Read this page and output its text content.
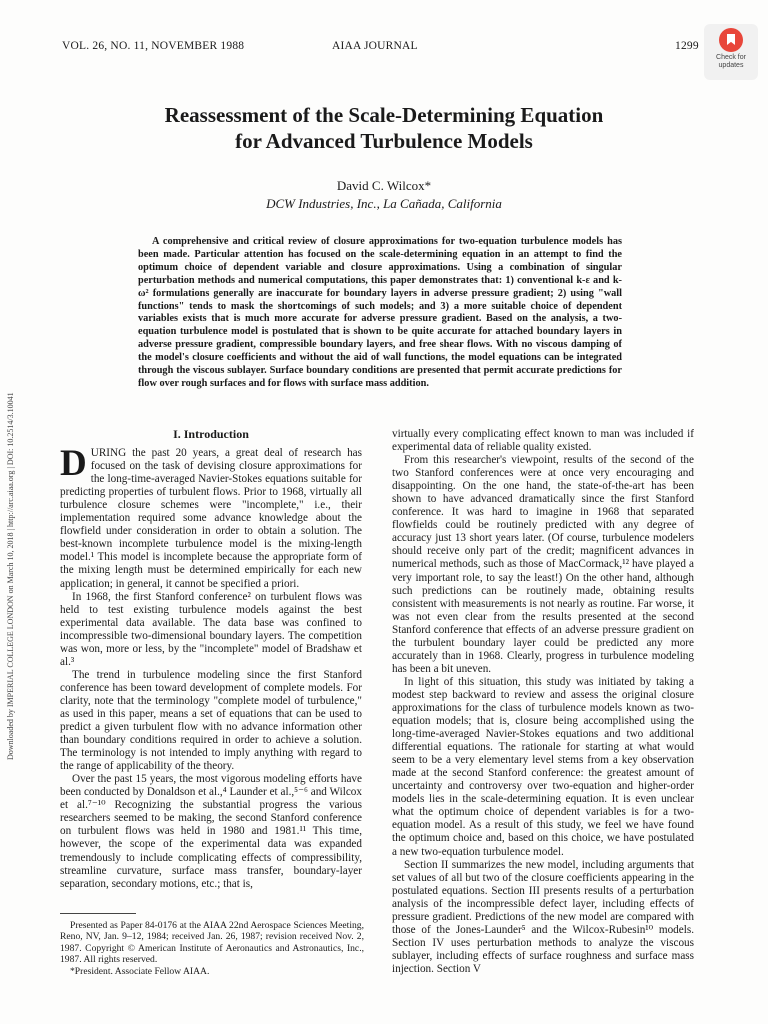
VOL. 26, NO. 11, NOVEMBER 1988	AIAA JOURNAL	1299
Check for
updates
Reassessment of the Scale-Determining Equation
for Advanced Turbulence Models
David C. Wilcox*
DCW Industries, Inc., La Cañada, California

A comprehensive and critical review of closure approximations for two-equation turbulence models has been made. Particular attention has focused on the scale-determining equation in an attempt to find the optimum choice of dependent variable and closure approximations. Using a combination of singular perturbation methods and numerical computations, this paper demonstrates that: 1) conventional k-ε and k-ω² formulations generally are inaccurate for boundary layers in adverse pressure gradient; 2) using "wall functions" tends to mask the shortcomings of such models; and 3) a more suitable choice of dependent variables exists that is much more accurate for adverse pressure gradient. Based on the analysis, a two-equation turbulence model is postulated that is shown to be quite accurate for attached boundary layers in adverse pressure gradient, compressible boundary layers, and free shear flows. With no viscous damping of the model's closure coefficients and without the aid of wall functions, the model equations can be integrated through the viscous sublayer. Surface boundary conditions are presented that permit accurate predictions for flow over rough surfaces and for flows with surface mass addition.

Downloaded by IMPERIAL COLLEGE LONDON on March 10, 2018 | http://arc.aiaa.org | DOI: 10.2514/3.10041	I. Introduction

DURING the past 20 years, a great deal of research has focused on the task of devising closure approximations for the long-time-averaged Navier-Stokes equations suitable for predicting properties of turbulent flows. Prior to 1968, virtually all turbulence closure schemes were "incomplete," i.e., their implementation required some advance knowledge about the flowfield under consideration in order to obtain a solution. The best-known incomplete turbulence model is the mixing-length model.¹ This model is incomplete because the appropriate form of the mixing length must be determined empirically for each new application; in general, it cannot be specified a priori.

In 1968, the first Stanford conference² on turbulent flows was held to test existing turbulence models against the best experimental data available. The data base was confined to incompressible two-dimensional boundary layers. The competition was won, more or less, by the "incomplete" model of Bradshaw et al.³

The trend in turbulence modeling since the first Stanford conference has been toward development of complete models. For clarity, note that the terminology "complete model of turbulence," as used in this paper, means a set of equations that can be used to predict a given turbulent flow with no advance information other than boundary conditions required in order to achieve a solution. The terminology is not intended to imply anything with regard to the range of applicability of the theory.

Over the past 15 years, the most vigorous modeling efforts have been conducted by Donaldson et al.,⁴ Launder et al.,⁵⁻⁶ and Wilcox et al.⁷⁻¹⁰ Recognizing the substantial progress the various researchers seemed to be making, the second Stanford conference on turbulent flows was held in 1980 and 1981.¹¹ This time, however, the scope of the experimental data was expanded tremendously to include complicating effects of compressibility, streamline curvature, surface mass transfer, boundary-layer separation, secondary motions, etc.; that is,

virtually every complicating effect known to man was included if experimental data of reliable quality existed.

From this researcher's viewpoint, results of the second of the two Stanford conferences were at once very encouraging and disappointing. On the one hand, the state-of-the-art has been shown to have advanced dramatically since the first Stanford conference. It was hard to imagine in 1968 that separated flowfields could be routinely predicted with any degree of accuracy just 13 short years later. (Of course, turbulence modelers should receive only part of the credit; magnificent advances in numerical methods, such as those of MacCormack,¹² have played a very important role, to say the least!) On the other hand, although such predictions can be routinely made, obtaining results consistent with measurements is not nearly as routine. Far worse, it was not even clear from the results presented at the second Stanford conference that effects of an adverse pressure gradient on the turbulent boundary layer could be predicted any more accurately than in 1968. Clearly, progress in turbulence modeling has been a bit uneven.

In light of this situation, this study was initiated by taking a modest step backward to review and assess the original closure approximations for the class of turbulence models known as two-equation models; that is, closure being accomplished using the long-time-averaged Navier-Stokes equations and two additional differential equations. The rationale for starting at what would seem to be a very elementary level stems from a key observation made at the second Stanford conference: the greatest amount of uncertainty and controversy over two-equation and higher-order models lies in the scale-determining equation. It is even unclear what the optimum choice of dependent variables is for a two-equation model. As a result of this study, we feel we have found the optimum choice and, based on this choice, we have postulated a new two-equation turbulence model.

Section II summarizes the new model, including arguments that set values of all but two of the closure coefficients appearing in the postulated equations. Section III presents results of a perturbation analysis of the incompressible defect layer, including effects of pressure gradient. Predictions of the new model are compared with those of the Jones-Launder⁵ and the Wilcox-Rubesin¹⁰ models. Section IV uses perturbation methods to analyze the viscous sublayer, including effects of surface roughness and surface mass injection. Section V

Presented as Paper 84-0176 at the AIAA 22nd Aerospace Sciences Meeting, Reno, NV, Jan. 9–12, 1984; received Jan. 26, 1987; revision received Nov. 2, 1987. Copyright © American Institute of Aeronautics and Astronautics, Inc., 1987. All rights reserved.

*President. Associate Fellow AIAA.
